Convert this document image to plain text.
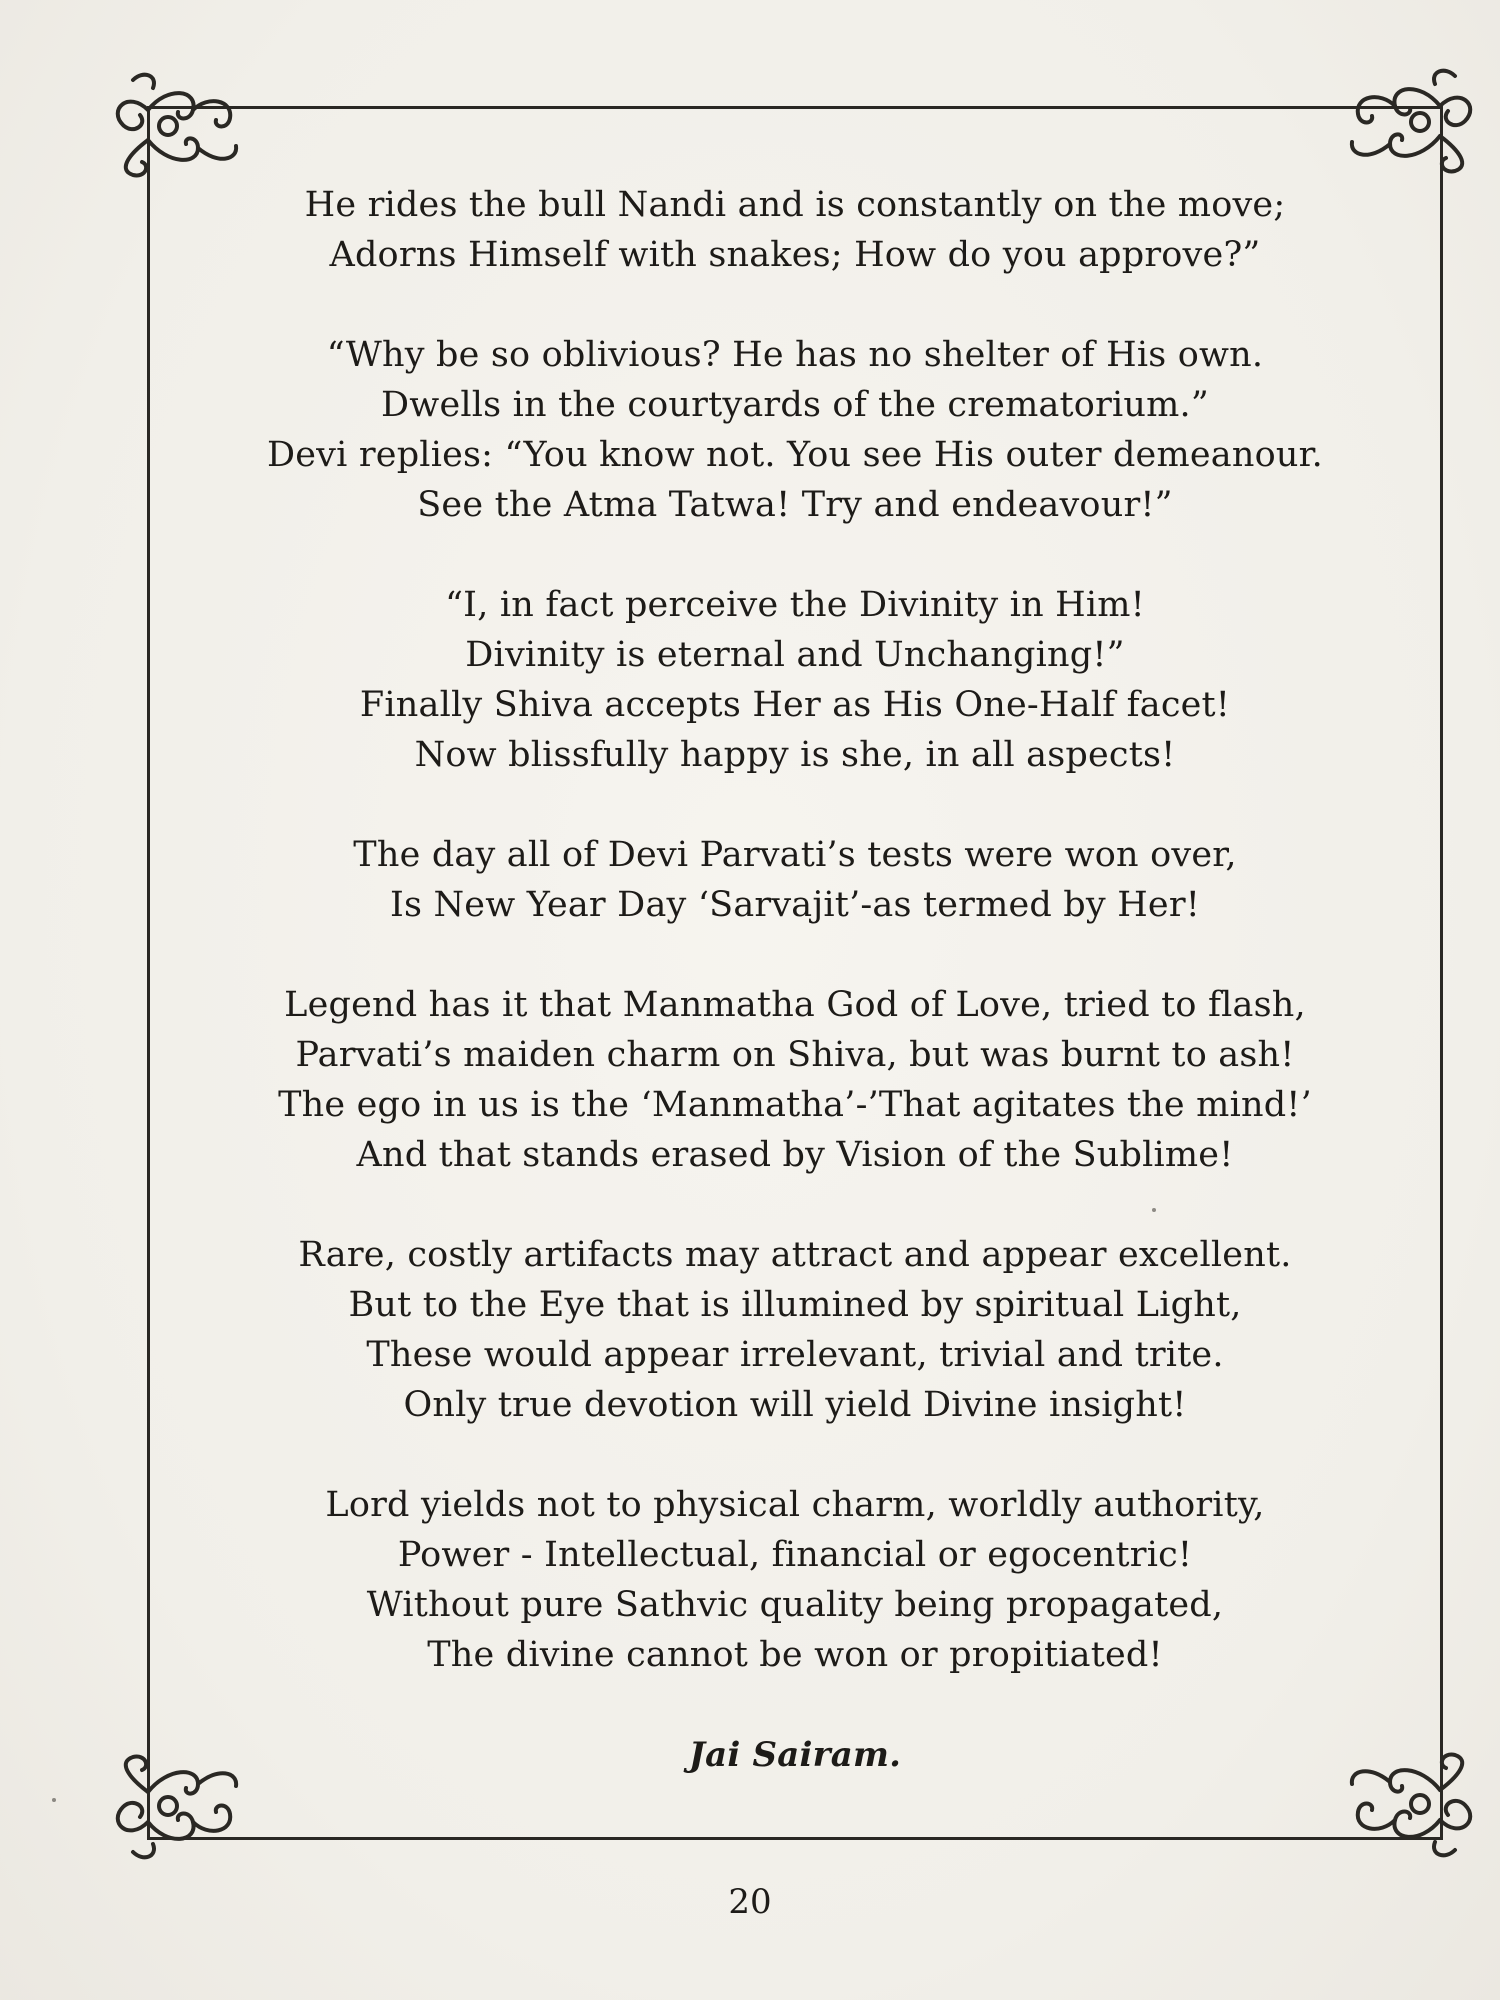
He rides the bull Nandi and is constantly on the move;
Adorns Himself with snakes; How do you approve?”
“Why be so oblivious? He has no shelter of His own.
Dwells in the courtyards of the crematorium.”
Devi replies: “You know not. You see His outer demeanour.
See the Atma Tatwa! Try and endeavour!”
“I, in fact perceive the Divinity in Him!
Divinity is eternal and Unchanging!”
Finally Shiva accepts Her as His One-Half facet!
Now blissfully happy is she, in all aspects!
The day all of Devi Parvati’s tests were won over,
Is New Year Day ‘Sarvajit’-as termed by Her!
Legend has it that Manmatha God of Love, tried to flash,
Parvati’s maiden charm on Shiva, but was burnt to ash!
The ego in us is the ‘Manmatha’-’That agitates the mind!’
And that stands erased by Vision of the Sublime!
Rare, costly artifacts may attract and appear excellent.
But to the Eye that is illumined by spiritual Light,
These would appear irrelevant, trivial and trite.
Only true devotion will yield Divine insight!
Lord yields not to physical charm, worldly authority,
Power - Intellectual, financial or egocentric!
Without pure Sathvic quality being propagated,
The divine cannot be won or propitiated!
Jai Sairam.
20
